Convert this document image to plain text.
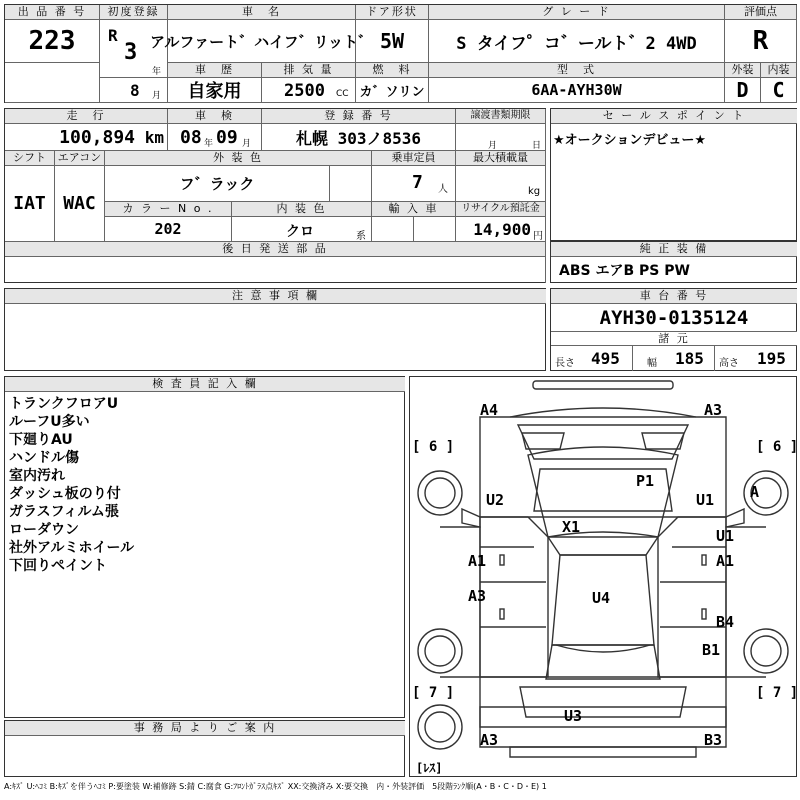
出 品 番 号
223
初度登録
R
3
年
8 月
車　名
アルファート゛ハイフ゛リット゛
車　歴
自家用
排 気 量
2500 CC
ドア形状
5W
燃　料
カ゛ソリン
グ レ ー ド
S タイフ゜コ゛ールト゛2 4WD
型　式
6AA-AYH30W
評価点
R
外装	内装
D	C
走　行
100,894 km
車　検
08 年 09 月
登 録 番 号
札幌 303ノ8536
譲渡書類期限
月	日
シフト
IAT
エアコン
WAC
外 装 色
フ゛ラック
乗車定員
7 人
最大積載量
kg
カ ラ ー N o .
202
内 装 色
クロ	系
輸 入 車	リサイクル預託金
14,900 円
後 日 発 送 部 品
セ ー ル ス ポ イ ン ト
★オークションデビュー★
純 正 装 備
ABS エアB PS PW
注 意 事 項 欄	車 台 番 号
AYH30-0135124
諸 元
長さ 495	幅 185 高さ 195
検 査 員 記 入 欄
トランクフロアU
ルーフU多い
下廻りAU
ハンドル傷
室内汚れ
ダッシュ板のり付
ガラスフィルム張
ローダウン
社外アルミホイール
下回りペイント
事 務 局 よ り ご 案 内
A4	A3
[ 6 ]	[ 6 ]
P1
U2	U1 A
X1	U1
A1	A1
A3	U4
B4
B1
[ 7 ]	[ 7 ]
U3
A3	B3
[ﾚｽ]
A:ｷｽﾞ U:ﾍｺﾐ B:ｷｽﾞを伴うﾍｺﾐ P:要塗装 W:補修跡 S:錆 C:腐食 G:ﾌﾛﾝﾄｶﾞﾗｽ点ｷｽﾞ XX:交換済み X:要交換　内・外装評価　5段階ﾗﾝｸ順(A・B・C・D・E) 1
